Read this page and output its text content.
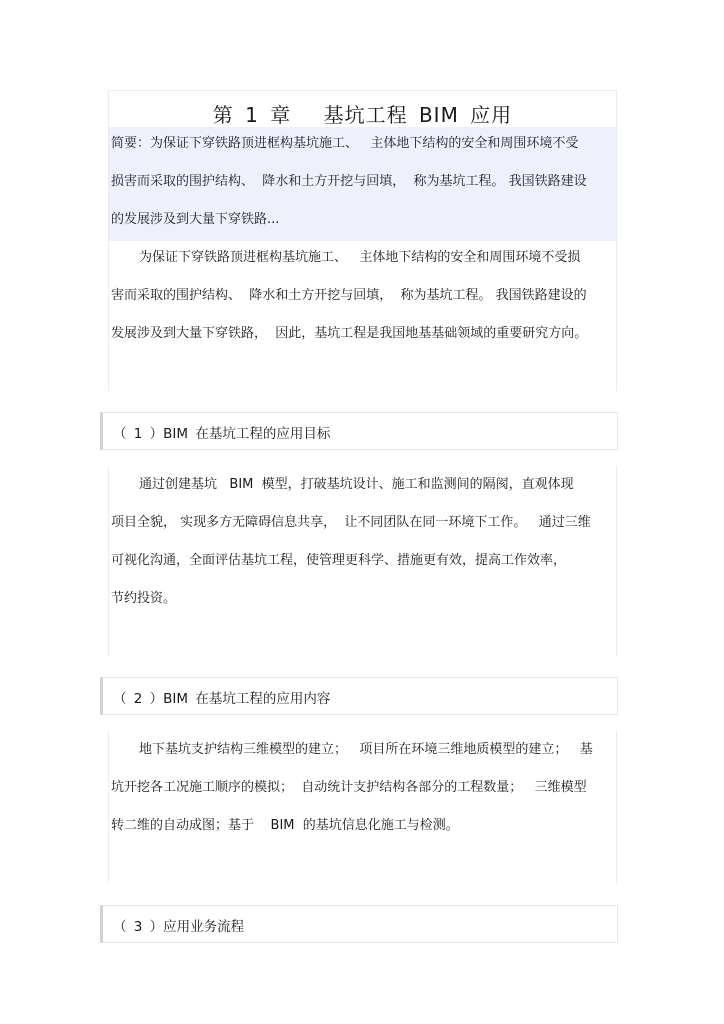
第 1 章　 基坑工程 BIM 应用

简要：为保证下穿铁路顶进框构基坑施工、   主体地下结构的安全和周围环境不受
损害而采取的围护结构、  降水和土方开挖与回填，  称为基坑工程。 我国铁路建设
的发展涉及到大量下穿铁路...

为保证下穿铁路顶进框构基坑施工、   主体地下结构的安全和周围环境不受损
害而采取的围护结构、  降水和土方开挖与回填，  称为基坑工程。 我国铁路建设的
发展涉及到大量下穿铁路，  因此，基坑工程是我国地基基础领域的重要研究方向。

（ 1 ）BIM 在基坑工程的应用目标

通过创建基坑   BIM  模型，打破基坑设计、施工和监测间的隔阂，直观体现
项目全貌， 实现多方无障碍信息共享，  让不同团队在同一环境下工作。   通过三维
可视化沟通，全面评估基坑工程，使管理更科学、措施更有效，提高工作效率，
节约投资。

（ 2 ）BIM 在基坑工程的应用内容

地下基坑支护结构三维模型的建立；   项目所在环境三维地质模型的建立；   基
坑开挖各工况施工顺序的模拟；  自动统计支护结构各部分的工程数量；   三维模型
转二维的自动成图；基于    BIM  的基坑信息化施工与检测。

（ 3 ）应用业务流程
